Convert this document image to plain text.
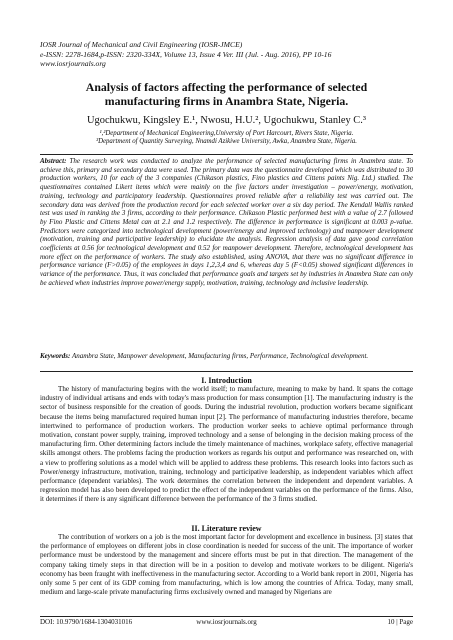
IOSR Journal of Mechanical and Civil Engineering (IOSR-JMCE)
e-ISSN: 2278-1684,p-ISSN: 2320-334X, Volume 13, Issue 4 Ver. III (Jul. - Aug. 2016), PP 10-16
www.iosrjournals.org
Analysis of factors affecting the performance of selected manufacturing firms in Anambra State, Nigeria.
Ugochukwu, Kingsley E.¹, Nwosu, H.U.², Ugochukwu, Stanley C.³
¹,²Department of Mechanical Engineering,University of Port Harcourt, Rivers State, Nigeria.
³Department of Quantity Surveying, Nnamdi Azikiwe University, Awka, Anambra State, Nigeria.
Abstract: The research work was conducted to analyze the performance of selected manufacturing firms in Anambra state. To achieve this, primary and secondary data were used. The primary data was the questionnaire developed which was distributed to 30 production workers, 10 for each of the 3 companies (Chikason plastics, Fino plastics and Cittens paints Nig. Ltd.) studied. The questionnaires contained Likert items which were mainly on the five factors under investigation – power/energy, motivation, training, technology and participatory leadership. Questionnaires proved reliable after a reliability test was carried out. The secondary data was derived from the production record for each selected worker over a six day period. The Kendall Wallis ranked test was used in ranking the 3 firms, according to their performance. Chikason Plastic performed best with a value of 2.7 followed by Fino Plastic and Cittens Metal can at 2.1 and 1.2 respectively. The difference in performance is significant at 0.003 p-value. Predictors were categorized into technological development (power/energy and improved technology) and manpower development (motivation, training and participative leadership) to elucidate the analysis. Regression analysis of data gave good correlation coefficients at 0.56 for technological development and 0.52 for manpower development. Therefore, technological development has more effect on the performance of workers. The study also established, using ANOVA, that there was no significant difference in performance variance (F>0.05) of the employees in days 1,2,3,4 and 6, whereas day 5 (F<0.05) showed significant differences in variance of the performance. Thus, it was concluded that performance goals and targets set by industries in Anambra State can only be achieved when industries improve power/energy supply, motivation, training, technology and inclusive leadership.
Keywords: Anambra State, Manpower development, Manufacturing firms, Performance, Technological development.
I. Introduction
The history of manufacturing begins with the world itself; to manufacture, meaning to make by hand. It spans the cottage industry of individual artisans and ends with today's mass production for mass consumption [1]. The manufacturing industry is the sector of business responsible for the creation of goods. During the industrial revolution, production workers became significant because the items being manufactured required human input [2]. The performance of manufacturing industries therefore, became intertwined to performance of production workers. The production worker seeks to achieve optimal performance through motivation, constant power supply, training, improved technology and a sense of belonging in the decision making process of the manufacturing firm. Other determining factors include the timely maintenance of machines, workplace safety, effective managerial skills amongst others. The problems facing the production workers as regards his output and performance was researched on, with a view to proffering solutions as a model which will be applied to address these problems. This research looks into factors such as Power/energy infrastructure, motivation, training, technology and participative leadership, as independent variables which affect performance (dependent variables). The work determines the correlation between the independent and dependent variables. A regression model has also been developed to predict the effect of the independent variables on the performance of the firms. Also, it determines if there is any significant difference between the performance of the 3 firms studied.
II. Literature review
The contribution of workers on a job is the most important factor for development and excellence in business. [3] states that the performance of employees on different jobs in close coordination is needed for success of the unit. The importance of worker performance must be understood by the management and sincere efforts must be put in that direction. The management of the company taking timely steps in that direction will be in a position to develop and motivate workers to be diligent. Nigeria's economy has been fraught with ineffectiveness in the manufacturing sector. According to a World bank report in 2001, Nigeria has only some 5 per cent of its GDP coming from manufacturing, which is low among the countries of Africa. Today, many small, medium and large-scale private manufacturing firms exclusively owned and managed by Nigerians are
DOI: 10.9790/1684-1304031016	www.iosrjournals.org	10 | Page
